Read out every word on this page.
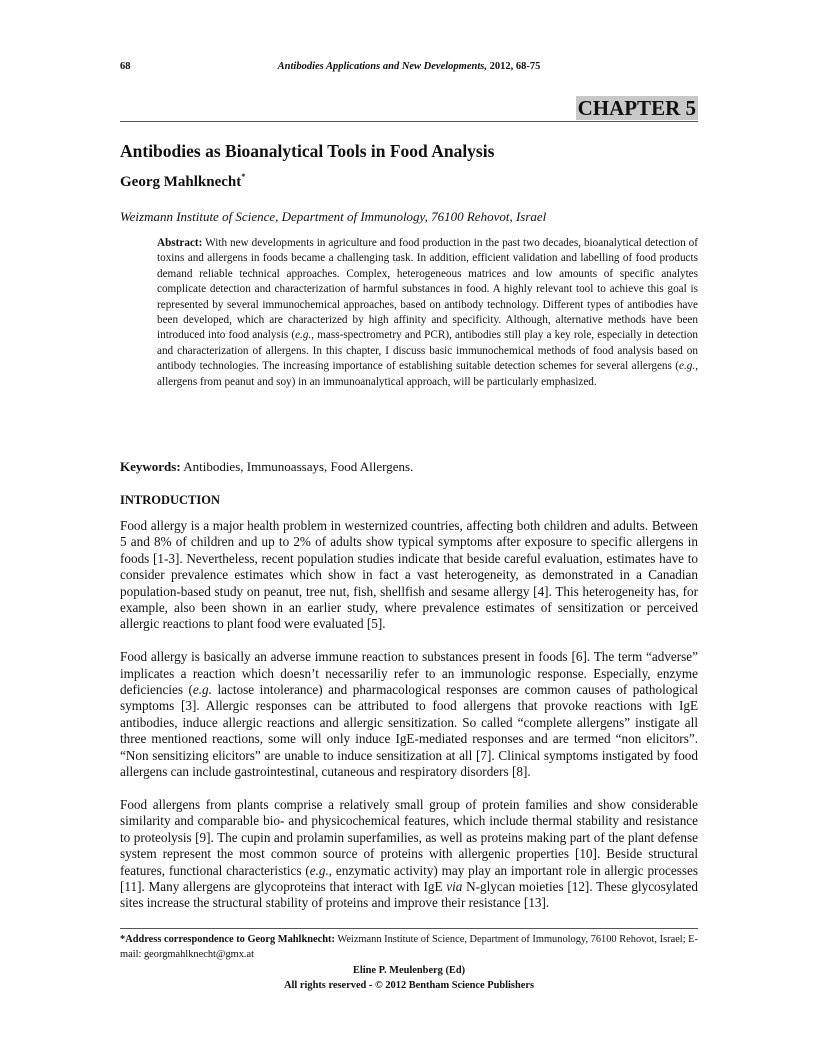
68	Antibodies Applications and New Developments, 2012, 68-75
CHAPTER 5
Antibodies as Bioanalytical Tools in Food Analysis
Georg Mahlknecht*
Weizmann Institute of Science, Department of Immunology, 76100 Rehovot, Israel
Abstract: With new developments in agriculture and food production in the past two decades, bioanalytical detection of toxins and allergens in foods became a challenging task. In addition, efficient validation and labelling of food products demand reliable technical approaches. Complex, heterogeneous matrices and low amounts of specific analytes complicate detection and characterization of harmful substances in food. A highly relevant tool to achieve this goal is represented by several immunochemical approaches, based on antibody technology. Different types of antibodies have been developed, which are characterized by high affinity and specificity. Although, alternative methods have been introduced into food analysis (e.g., mass-spectrometry and PCR), antibodies still play a key role, especially in detection and characterization of allergens. In this chapter, I discuss basic immunochemical methods of food analysis based on antibody technologies. The increasing importance of establishing suitable detection schemes for several allergens (e.g., allergens from peanut and soy) in an immunoanalytical approach, will be particularly emphasized.
Keywords: Antibodies, Immunoassays, Food Allergens.
INTRODUCTION

Food allergy is a major health problem in westernized countries, affecting both children and adults. Between 5 and 8% of children and up to 2% of adults show typical symptoms after exposure to specific allergens in foods [1-3]. Nevertheless, recent population studies indicate that beside careful evaluation, estimates have to consider prevalence estimates which show in fact a vast heterogeneity, as demonstrated in a Canadian population-based study on peanut, tree nut, fish, shellfish and sesame allergy [4]. This heterogeneity has, for example, also been shown in an earlier study, where prevalence estimates of sensitization or perceived allergic reactions to plant food were evaluated [5].

Food allergy is basically an adverse immune reaction to substances present in foods [6]. The term “adverse” implicates a reaction which doesn’t necessariliy refer to an immunologic response. Especially, enzyme deficiencies (e.g. lactose intolerance) and pharmacological responses are common causes of pathological symptoms [3]. Allergic responses can be attributed to food allergens that provoke reactions with IgE antibodies, induce allergic reactions and allergic sensitization. So called “complete allergens” instigate all three mentioned reactions, some will only induce IgE-mediated responses and are termed “non elicitors”. “Non sensitizing elicitors” are unable to induce sensitization at all [7]. Clinical symptoms instigated by food allergens can include gastrointestinal, cutaneous and respiratory disorders [8].

Food allergens from plants comprise a relatively small group of protein families and show considerable similarity and comparable bio- and physicochemical features, which include thermal stability and resistance to proteolysis [9]. The cupin and prolamin superfamilies, as well as proteins making part of the plant defense system represent the most common source of proteins with allergenic properties [10]. Beside structural features, functional characteristics (e.g., enzymatic activity) may play an important role in allergic processes [11]. Many allergens are glycoproteins that interact with IgE via N-glycan moieties [12]. These glycosylated sites increase the structural stability of proteins and improve their resistance [13].

*Address correspondence to Georg Mahlknecht: Weizmann Institute of Science, Department of Immunology, 76100 Rehovot, Israel; E-mail: georgmahlknecht@gmx.at
Eline P. Meulenberg (Ed)
All rights reserved - © 2012 Bentham Science Publishers
